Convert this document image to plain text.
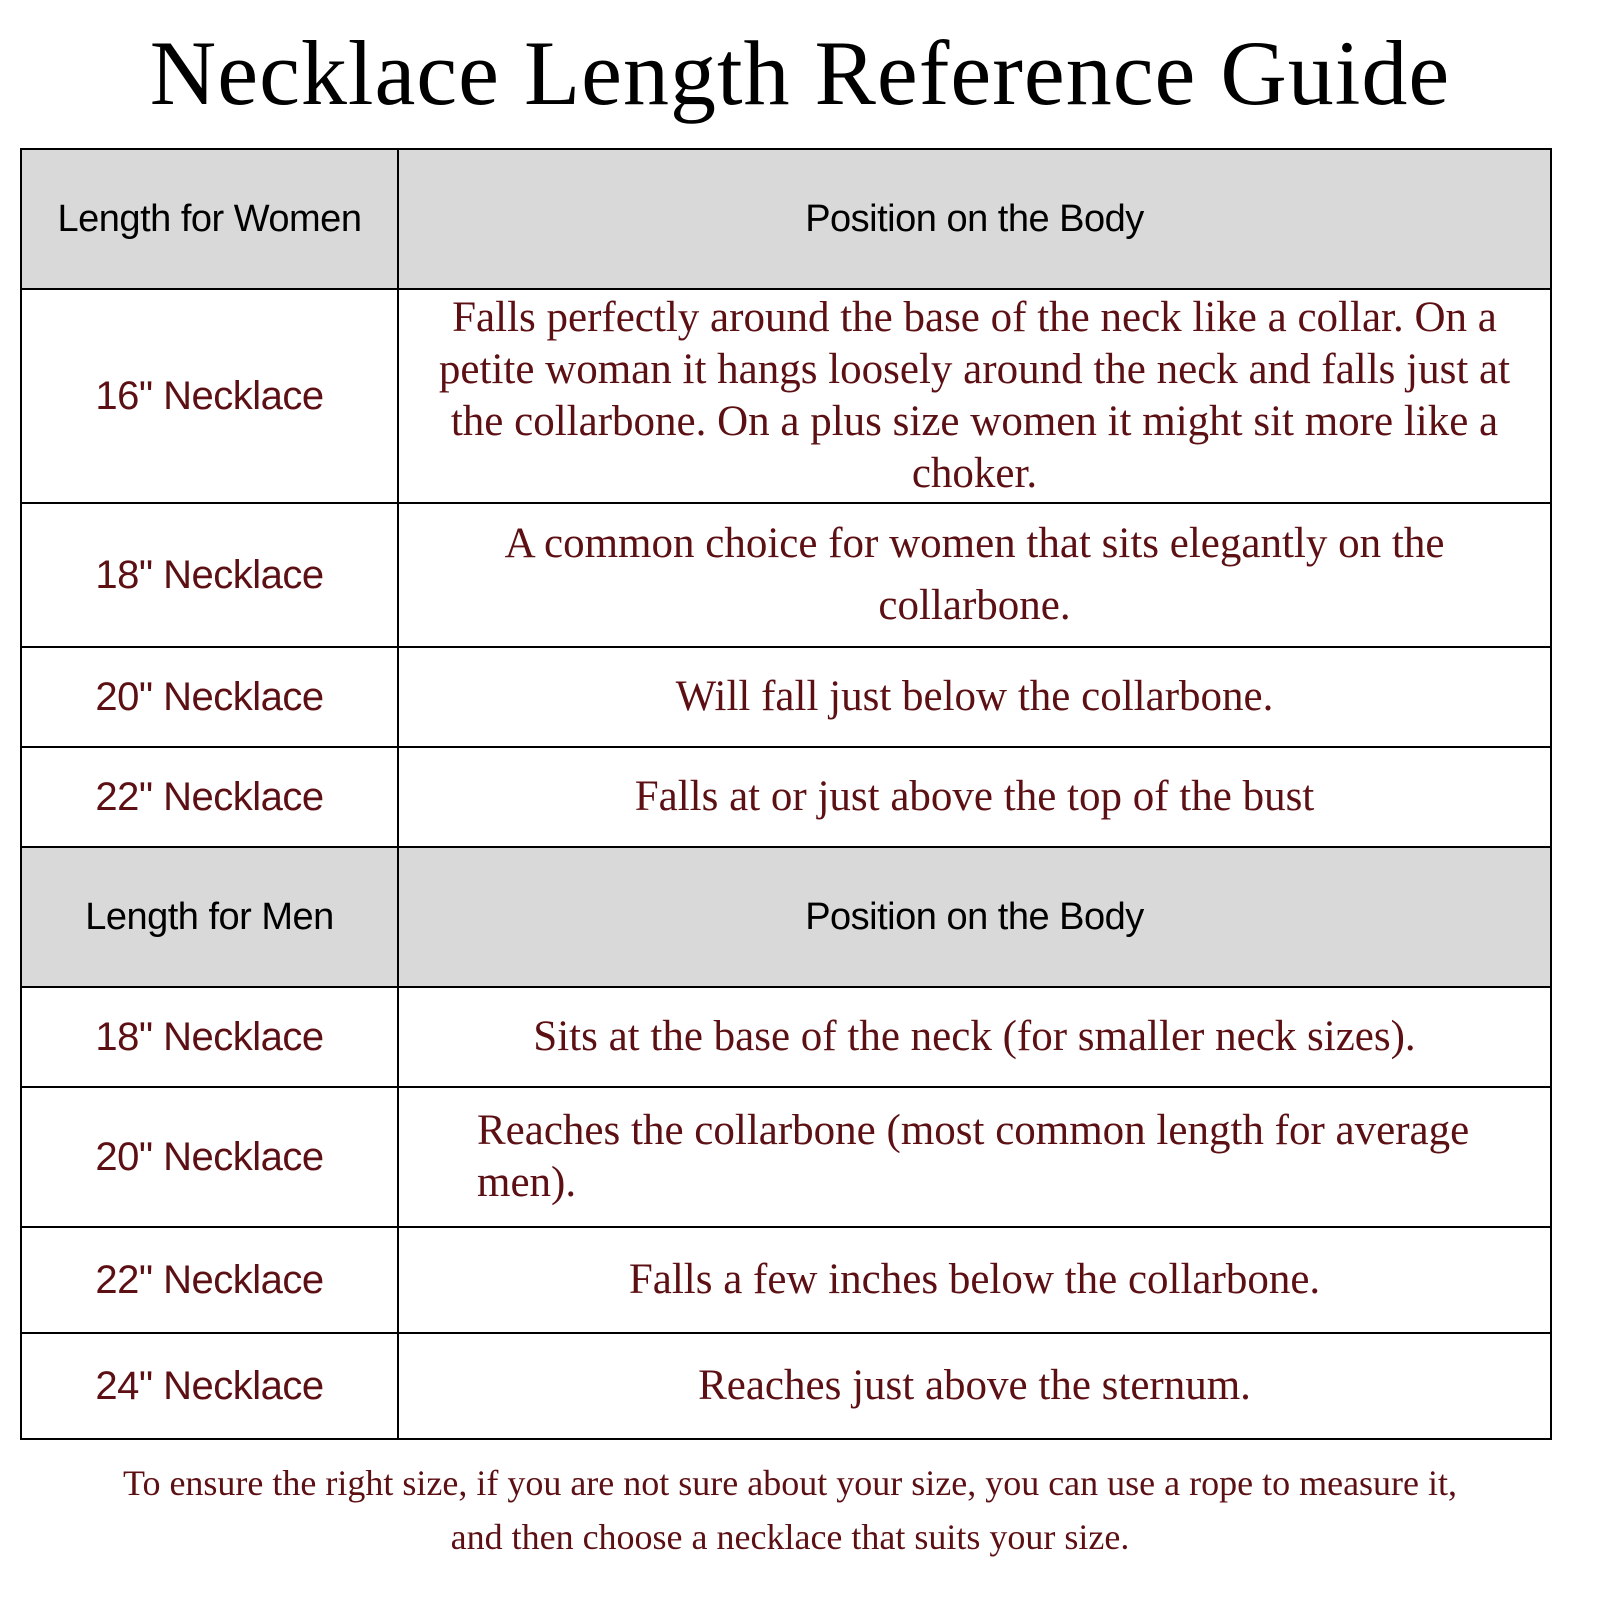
Necklace Length Reference Guide
Length for Women	Position on the Body
16" Necklace	Falls perfectly around the base of the neck like a collar. On a petite woman it hangs loosely around the neck and falls just at the collarbone. On a plus size women it might sit more like a choker.
18" Necklace	A common choice for women that sits elegantly on the collarbone.
20" Necklace	Will fall just below the collarbone.
22" Necklace	Falls at or just above the top of the bust
Length for Men	Position on the Body
18" Necklace	Sits at the base of the neck (for smaller neck sizes).
20" Necklace	Reaches the collarbone (most common length for average men).
22" Necklace	Falls a few inches below the collarbone.
24" Necklace	Reaches just above the sternum.
To ensure the right size, if you are not sure about your size, you can use a rope to measure it, and then choose a necklace that suits your size.
